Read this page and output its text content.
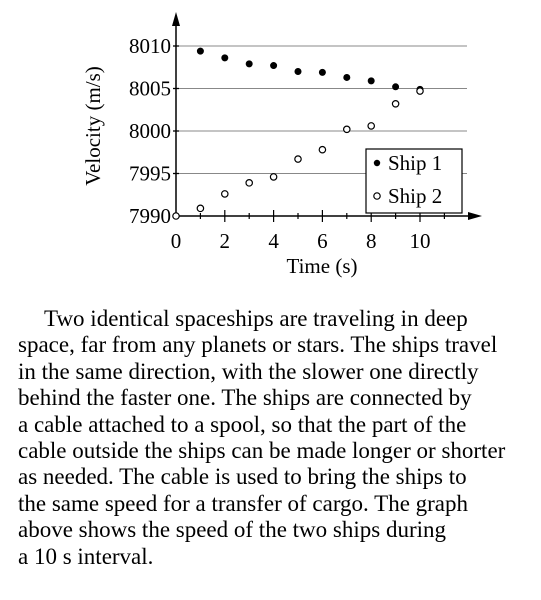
7990
7995
8000
8005
8010
0 2 4 6 8 10
Velocity (m/s)
Time (s)
Ship 1
Ship 2
Two identical spaceships are traveling in deep
space, far from any planets or stars. The ships travel
in the same direction, with the slower one directly
behind the faster one. The ships are connected by
a cable attached to a spool, so that the part of the
cable outside the ships can be made longer or shorter
as needed. The cable is used to bring the ships to
the same speed for a transfer of cargo. The graph
above shows the speed of the two ships during
a 10 s interval.
